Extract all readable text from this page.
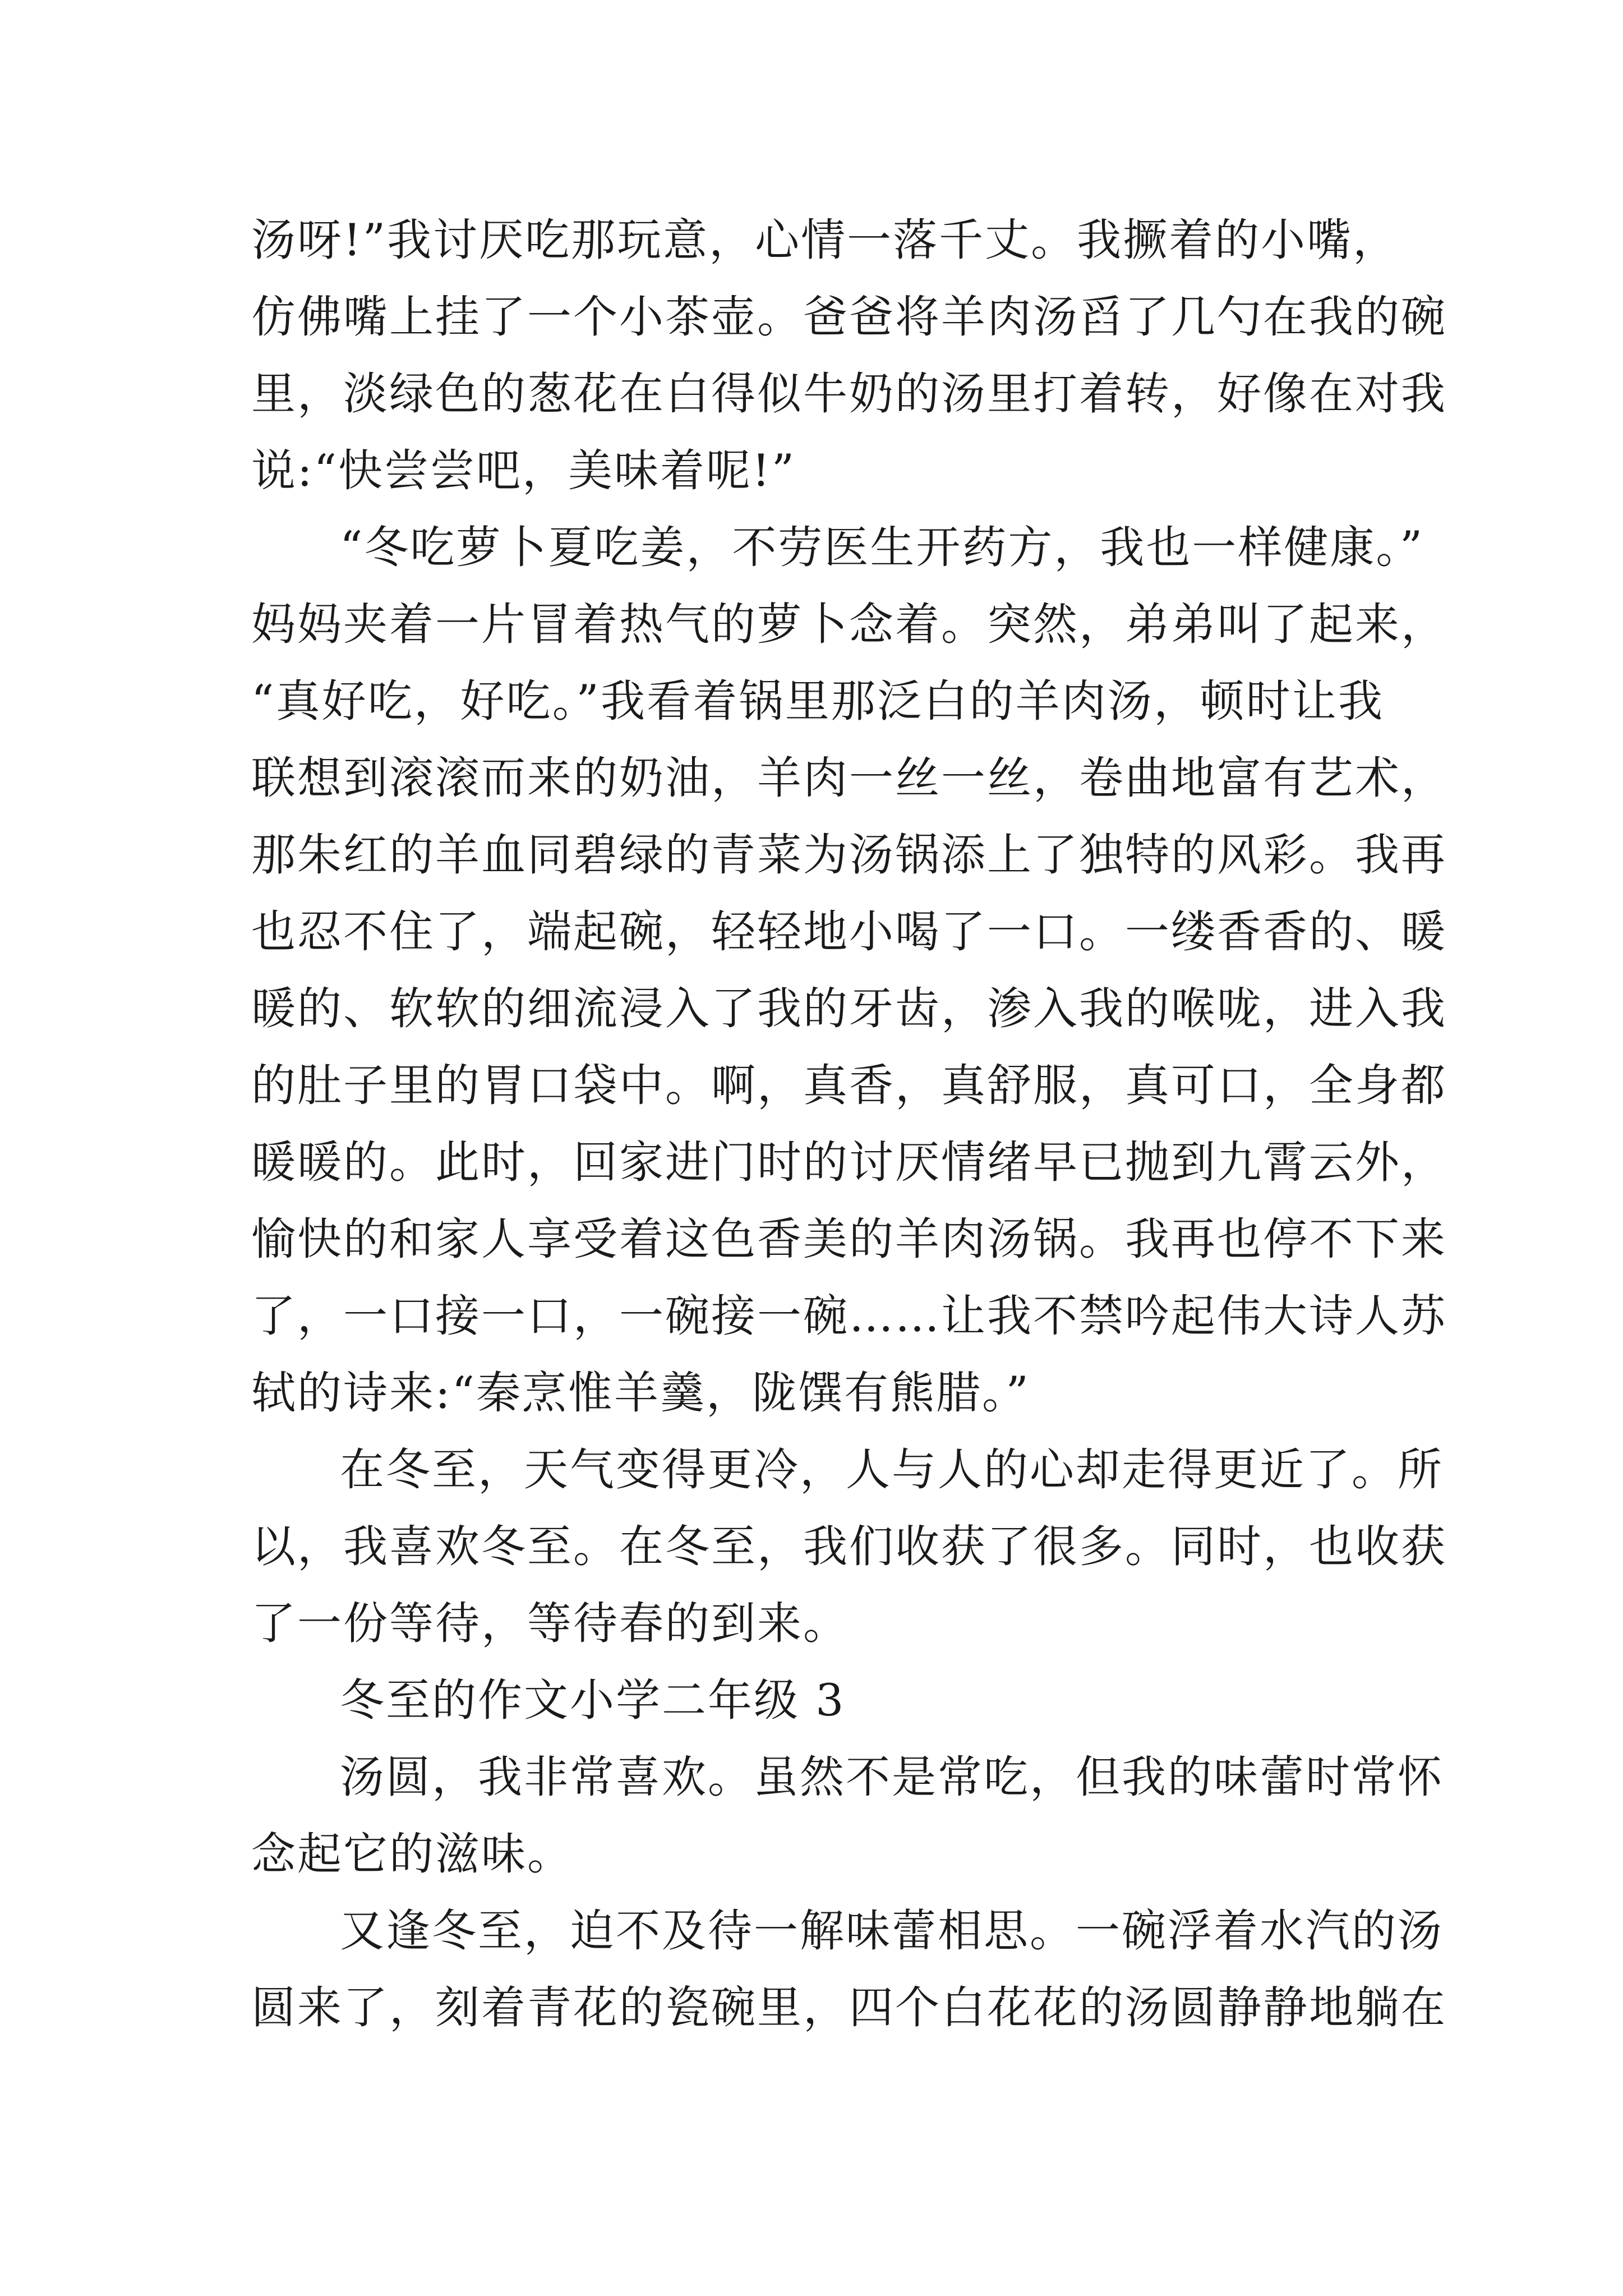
汤呀!”我讨厌吃那玩意，心情一落千丈。我撅着的小嘴，
仿佛嘴上挂了一个小茶壶。爸爸将羊肉汤舀了几勺在我的碗
里，淡绿色的葱花在白得似牛奶的汤里打着转，好像在对我
说:“快尝尝吧，美味着呢!”
“冬吃萝卜夏吃姜，不劳医生开药方，我也一样健康。”
妈妈夹着一片冒着热气的萝卜念着。突然，弟弟叫了起来，
“真好吃，好吃。”我看着锅里那泛白的羊肉汤，顿时让我
联想到滚滚而来的奶油，羊肉一丝一丝，卷曲地富有艺术，
那朱红的羊血同碧绿的青菜为汤锅添上了独特的风彩。我再
也忍不住了，端起碗，轻轻地小喝了一口。一缕香香的、暖
暖的、软软的细流浸入了我的牙齿，渗入我的喉咙，进入我
的肚子里的胃口袋中。啊，真香，真舒服，真可口，全身都
暖暖的。此时，回家进门时的讨厌情绪早已抛到九霄云外，
愉快的和家人享受着这色香美的羊肉汤锅。我再也停不下来
了，一口接一口，一碗接一碗……让我不禁吟起伟大诗人苏
轼的诗来:“秦烹惟羊羹，陇馔有熊腊。”
在冬至，天气变得更冷，人与人的心却走得更近了。所
以，我喜欢冬至。在冬至，我们收获了很多。同时，也收获
了一份等待，等待春的到来。
冬至的作文小学二年级 3
汤圆，我非常喜欢。虽然不是常吃，但我的味蕾时常怀
念起它的滋味。
又逢冬至，迫不及待一解味蕾相思。一碗浮着水汽的汤
圆来了，刻着青花的瓷碗里，四个白花花的汤圆静静地躺在
